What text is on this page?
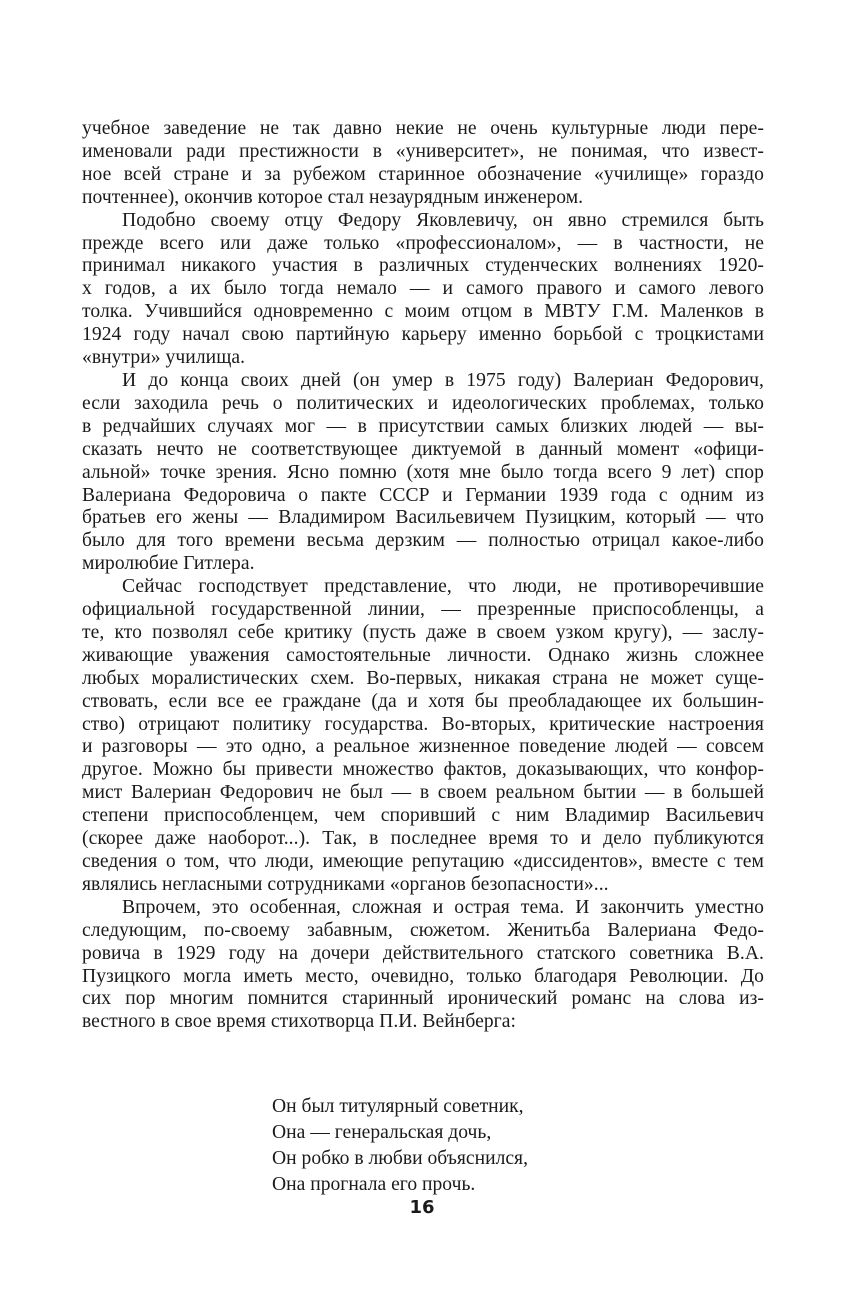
учебное заведение не так давно некие не очень культурные люди пере-
именовали ради престижности в «университет», не понимая, что извест-
ное всей стране и за рубежом старинное обозначение «училище» гораздо
почтеннее), окончив которое стал незаурядным инженером.
Подобно своему отцу Федору Яковлевичу, он явно стремился быть
прежде всего или даже только «профессионалом», — в частности, не
принимал никакого участия в различных студенческих волнениях 1920-
х годов, а их было тогда немало — и самого правого и самого левого
толка. Учившийся одновременно с моим отцом в МВТУ Г.М. Маленков в
1924 году начал свою партийную карьеру именно борьбой с троцкистами
«внутри» училища.
И до конца своих дней (он умер в 1975 году) Валериан Федорович,
если заходила речь о политических и идеологических проблемах, только
в редчайших случаях мог — в присутствии самых близких людей — вы-
сказать нечто не соответствующее диктуемой в данный момент «офици-
альной» точке зрения. Ясно помню (хотя мне было тогда всего 9 лет) спор
Валериана Федоровича о пакте СССР и Германии 1939 года с одним из
братьев его жены — Владимиром Васильевичем Пузицким, который — что
было для того времени весьма дерзким — полностью отрицал какое-либо
миролюбие Гитлера.
Сейчас господствует представление, что люди, не противоречившие
официальной государственной линии, — презренные приспособленцы, а
те, кто позволял себе критику (пусть даже в своем узком кругу), — заслу-
живающие уважения самостоятельные личности. Однако жизнь сложнее
любых моралистических схем. Во-первых, никакая страна не может суще-
ствовать, если все ее граждане (да и хотя бы преобладающее их большин-
ство) отрицают политику государства. Во-вторых, критические настроения
и разговоры — это одно, а реальное жизненное поведение людей — совсем
другое. Можно бы привести множество фактов, доказывающих, что конфор-
мист Валериан Федорович не был — в своем реальном бытии — в большей
степени приспособленцем, чем споривший с ним Владимир Васильевич
(скорее даже наоборот...). Так, в последнее время то и дело публикуются
сведения о том, что люди, имеющие репутацию «диссидентов», вместе с тем
являлись негласными сотрудниками «органов безопасности»...
Впрочем, это особенная, сложная и острая тема. И закончить уместно
следующим, по-своему забавным, сюжетом. Женитьба Валериана Федо-
ровича в 1929 году на дочери действительного статского советника В.А.
Пузицкого могла иметь место, очевидно, только благодаря Революции. До
сих пор многим помнится старинный иронический романс на слова из-
вестного в свое время стихотворца П.И. Вейнберга:
Он был титулярный советник,
Она — генеральская дочь,
Он робко в любви объяснился,
Она прогнала его прочь.
16
